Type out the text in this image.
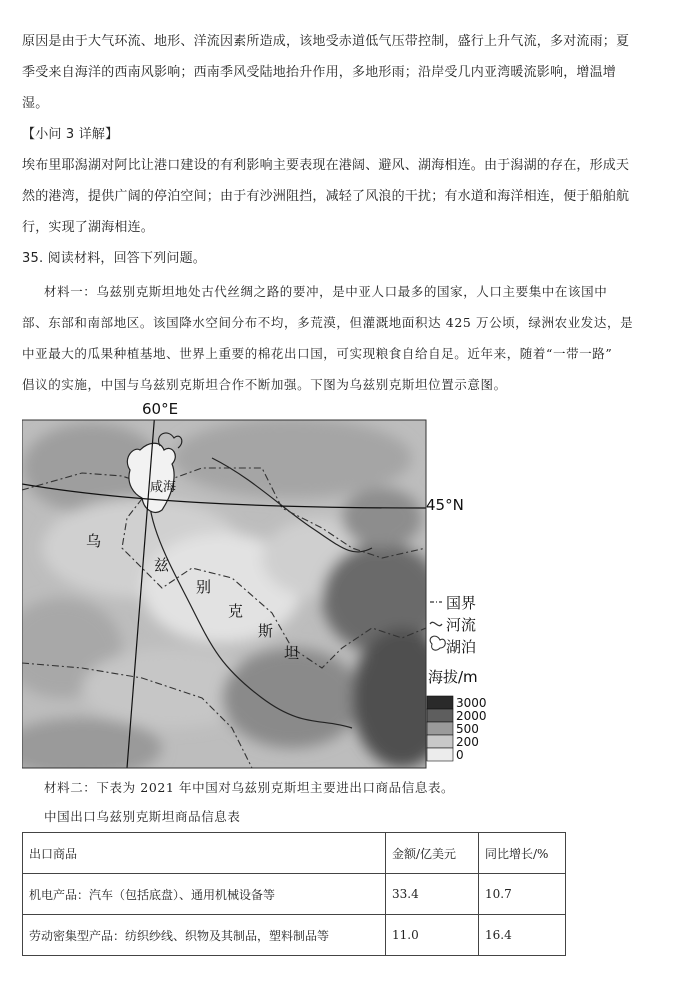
原因是由于大气环流、地形、洋流因素所造成，该地受赤道低气压带控制，盛行上升气流，多对流雨；夏
季受来自海洋的西南风影响；西南季风受陆地抬升作用，多地形雨；沿岸受几内亚湾暖流影响，增温增
湿。
【小问 3 详解】
埃布里耶潟湖对阿比让港口建设的有利影响主要表现在港阔、避风、湖海相连。由于潟湖的存在，形成天
然的港湾，提供广阔的停泊空间；由于有沙洲阻挡，减轻了风浪的干扰；有水道和海洋相连，便于船舶航
行，实现了湖海相连。
35. 阅读材料，回答下列问题。
材料一：乌兹别克斯坦地处古代丝绸之路的要冲，是中亚人口最多的国家，人口主要集中在该国中
部、东部和南部地区。该国降水空间分布不均，多荒漠，但灌溉地面积达 425 万公顷，绿洲农业发达，是
中亚最大的瓜果种植基地、世界上重要的棉花出口国，可实现粮食自给自足。近年来，随着“一带一路”
倡议的实施，中国与乌兹别克斯坦合作不断加强。下图为乌兹别克斯坦位置示意图。
60°E
45°N
咸海
乌
兹
别
克
斯
坦
国界
河流
湖泊
海拔/m
3000
2000
500
200
0
材料二：下表为 2021 年中国对乌兹别克斯坦主要进出口商品信息表。
中国出口乌兹别克斯坦商品信息表
出口商品	金额/亿美元	同比增长/%
机电产品：汽车（包括底盘）、通用机械设备等	33.4	10.7
劳动密集型产品：纺织纱线、织物及其制品，塑料制品等	11.0	16.4
